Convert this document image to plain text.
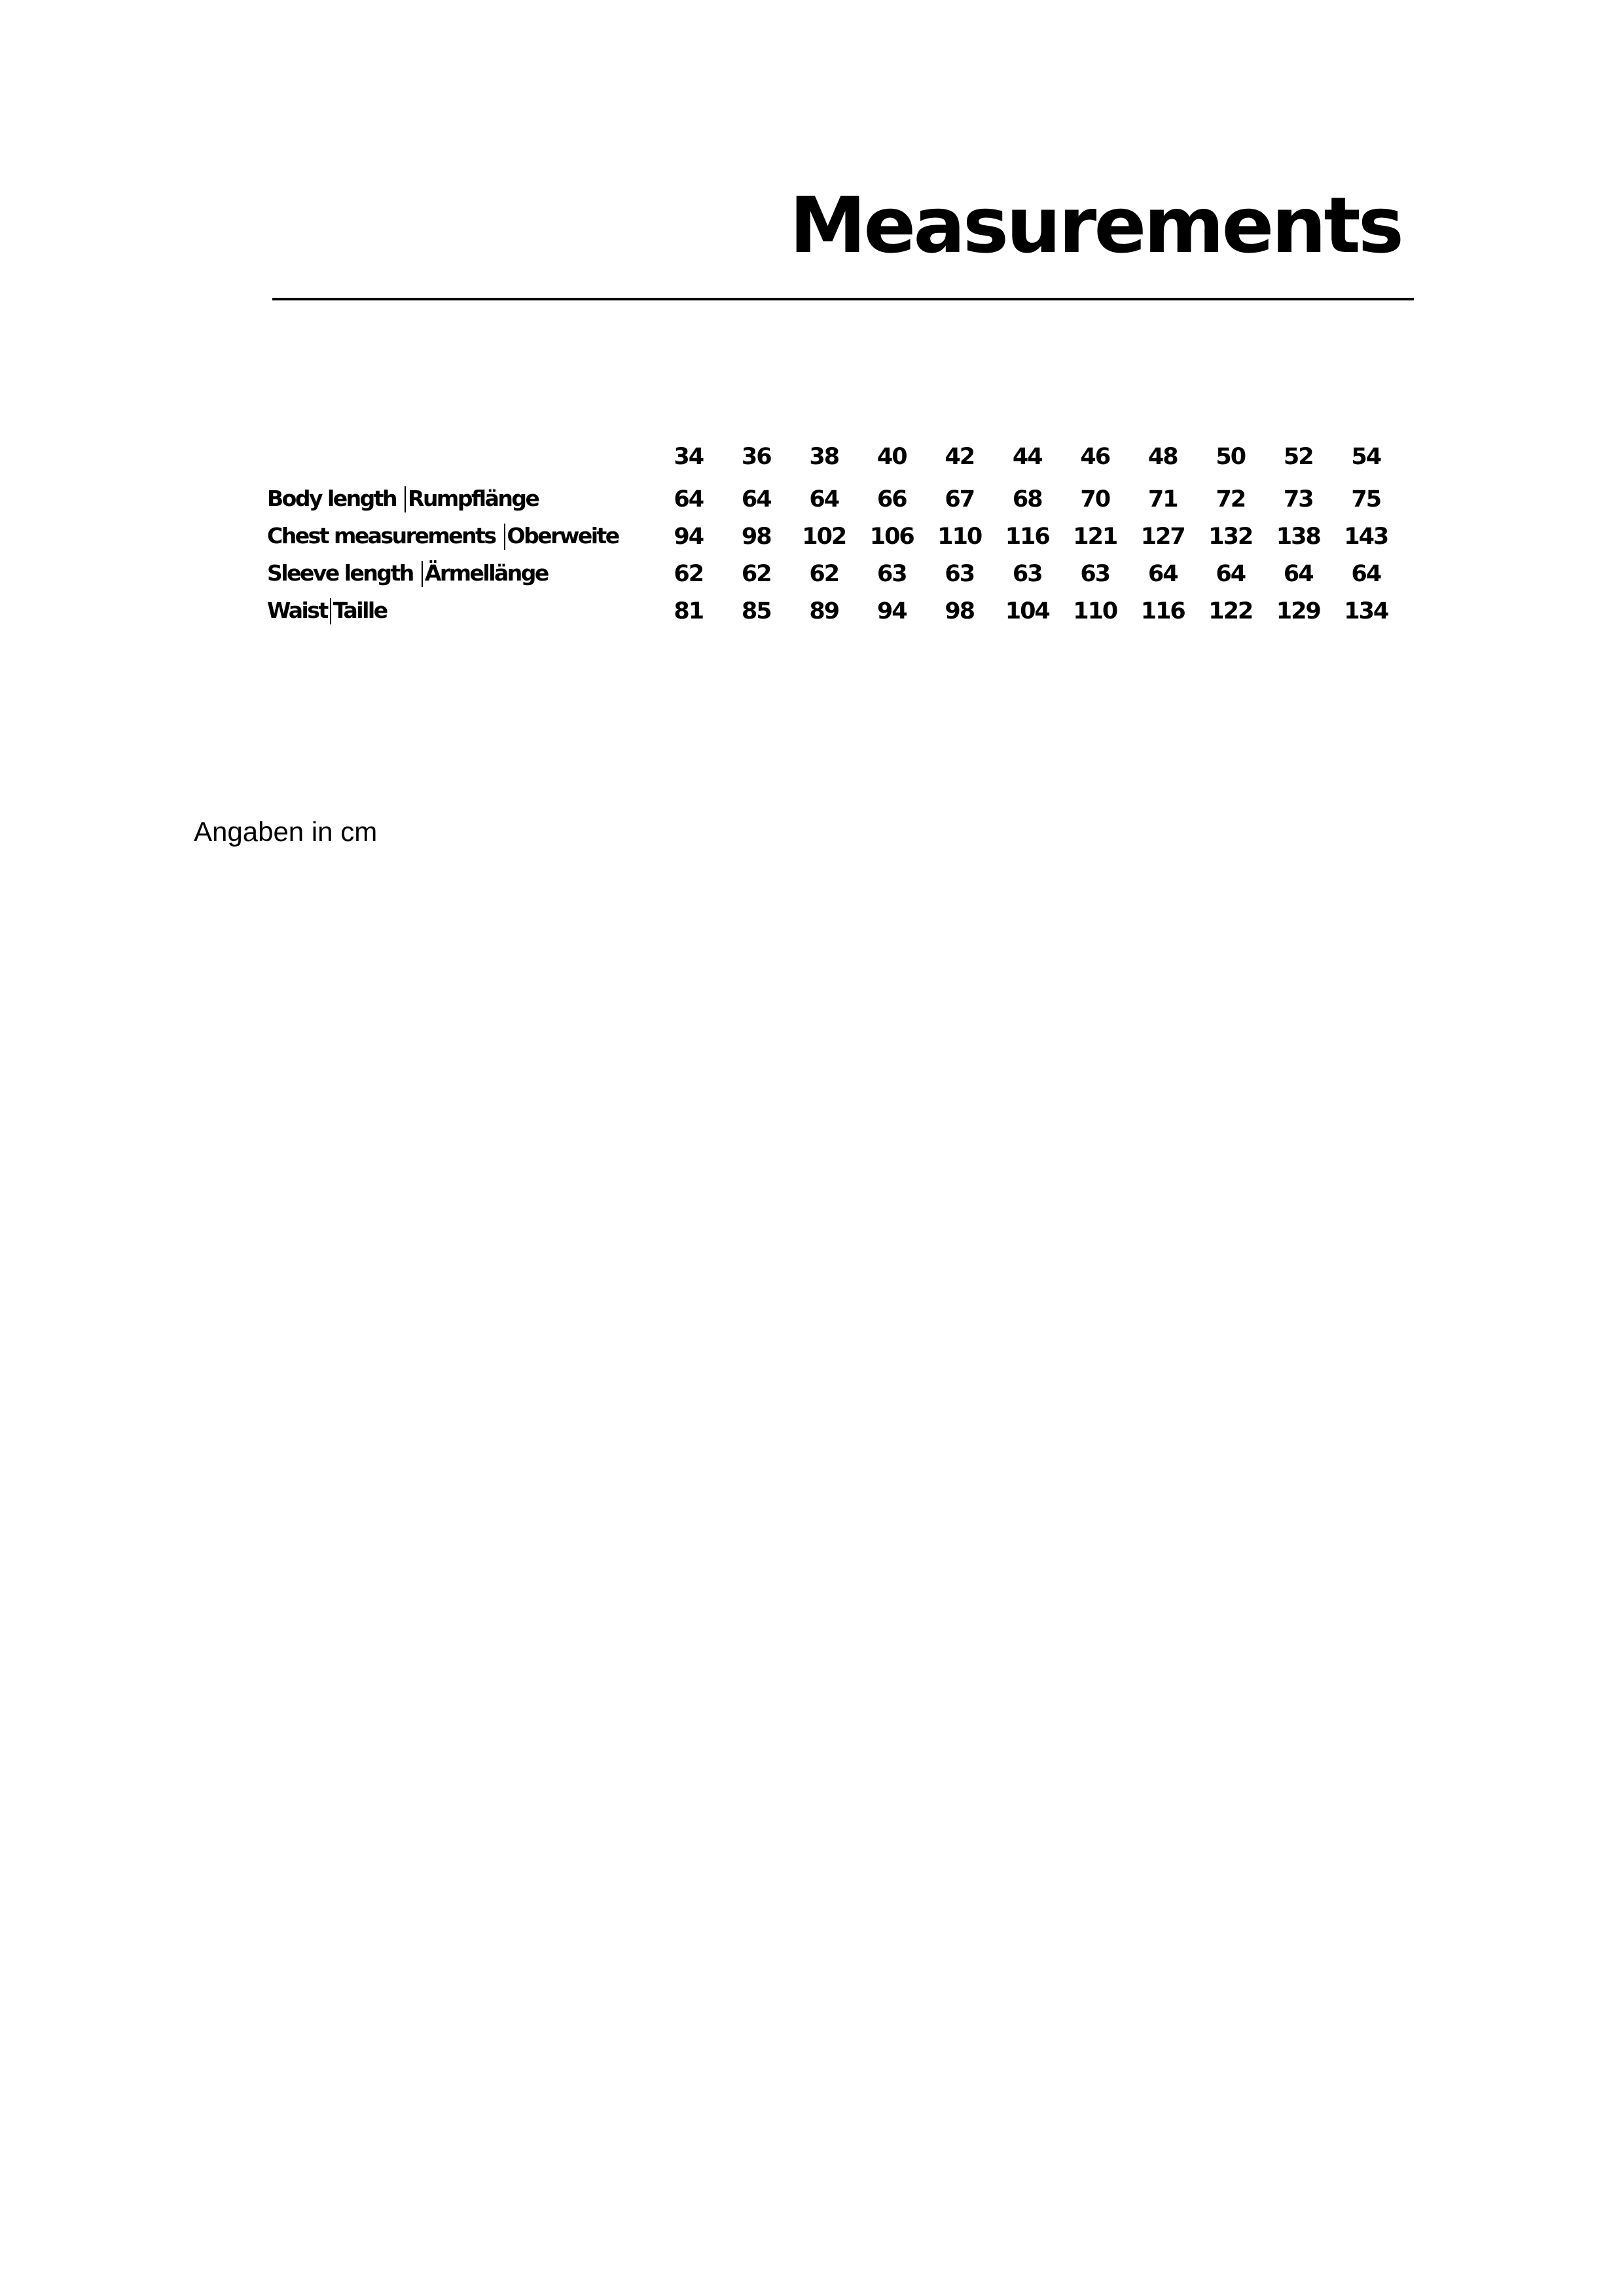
Measurements
	34	36	38	40	42	44	46	48	50	52	54
Body length Rumpflänge	64	64	64	66	67	68	70	71	72	73	75
Chest measurements Oberweite	94	98	102	106	110	116	121	127	132	138	143
Sleeve length Ärmellänge	62	62	62	63	63	63	63	64	64	64	64
Waist Taille	81	85	89	94	98	104	110	116	122	129	134

Angaben in cm
